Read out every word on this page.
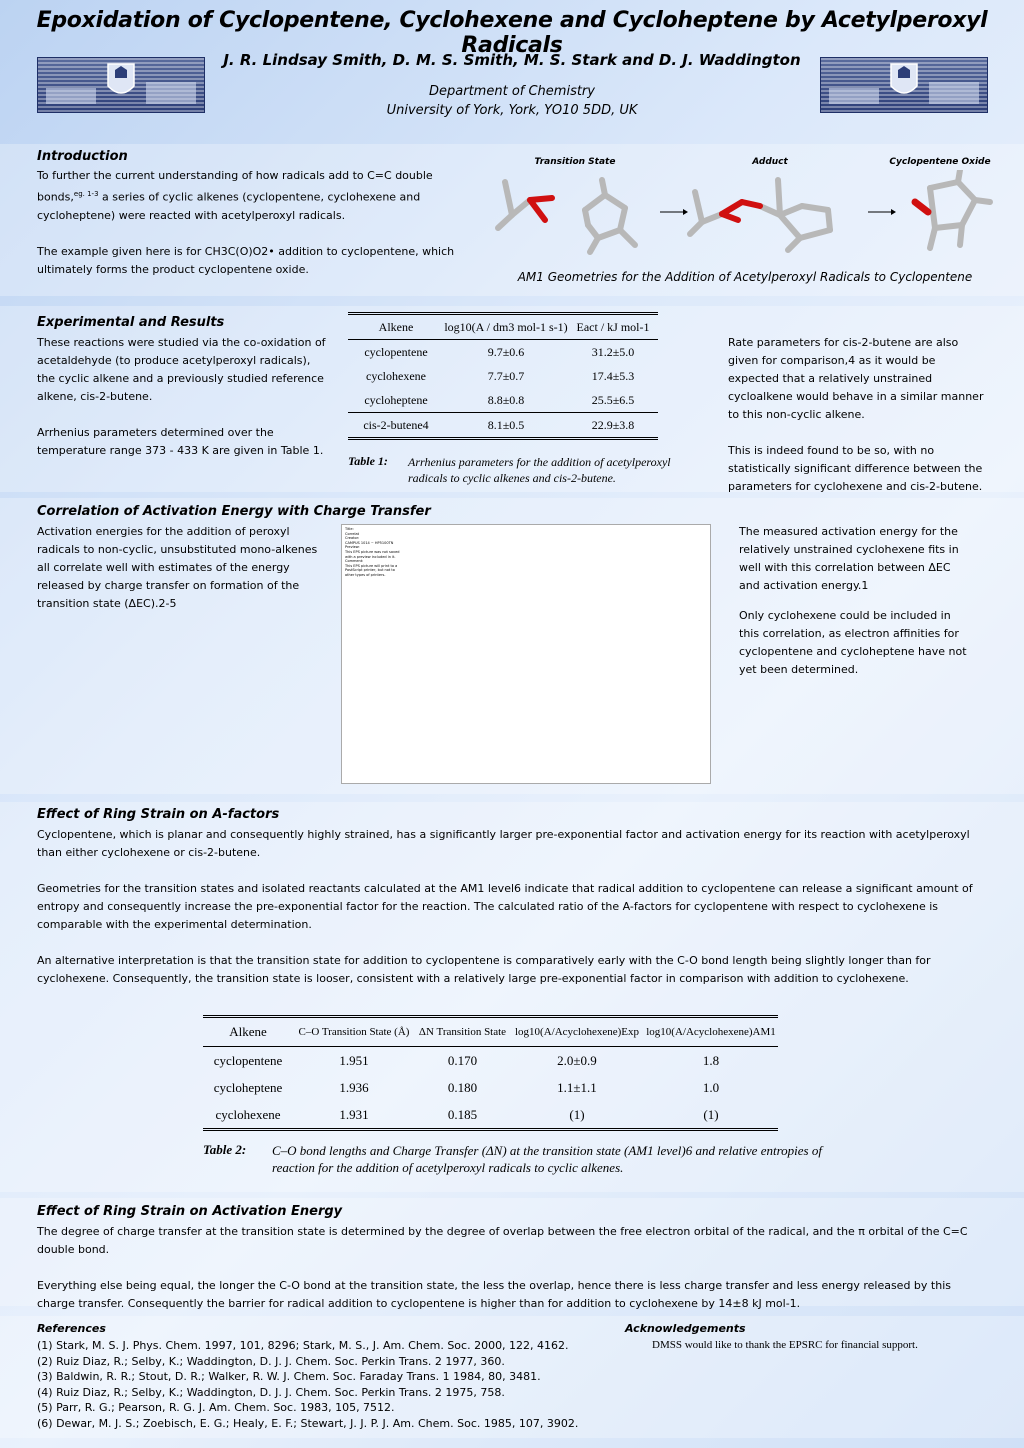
Epoxidation of Cyclopentene, Cyclohexene and Cycloheptene by Acetylperoxyl Radicals
J. R. Lindsay Smith, D. M. S. Smith, M. S. Stark and D. J. Waddington
Department of Chemistry
University of York, York, YO10 5DD, UK
Introduction

To further the current understanding of how radicals add to C=C double bonds,$^{eg. 1-3}$ a series of cyclic alkenes (cyclopentene, cyclohexene and cycloheptene) were reacted with acetylperoxyl radicals.

The example given here is for CH3C(O)O2• addition to cyclopentene, which ultimately forms the product cyclopentene oxide.

Transition State	Adduct	Cyclopentene Oxide
AM1 Geometries for the Addition of Acetylperoxyl Radicals to Cyclopentene
Experimental and Results

These reactions were studied via the co-oxidation of acetaldehyde (to produce acetylperoxyl radicals), the cyclic alkene and a previously studied reference alkene, cis-2-butene.

Arrhenius parameters determined over the temperature range 373 - 433 K are given in Table 1.

Alkene	log10(A / dm3 mol-1 s-1)	Eact / kJ mol-1
cyclopentene	9.7±0.6	31.2±5.0
cyclohexene	7.7±0.7	17.4±5.3
cycloheptene	8.8±0.8	25.5±6.5
cis-2-butene4	8.1±0.5	22.9±3.8
Table 1: Arrhenius parameters for the addition of acetylperoxyl radicals to cyclic alkenes and cis-2-butene.

Rate parameters for cis-2-butene are also given for comparison,4 as it would be expected that a relatively unstrained cycloalkene would behave in a similar manner to this non-cyclic alkene.

This is indeed found to be so, with no statistically significant difference between the parameters for cyclohexene and cis-2-butene.

Correlation of Activation Energy with Charge Transfer
Activation energies for the addition of peroxyl radicals to non-cyclic, unsubstituted mono-alkenes all correlate well with estimates of the energy released by charge transfer on formation of the transition state (ΔEC).2-5
Title:
Correlat
Creator:
CAMPUS 1014 ~ HP5100TN
Preview:
This EPS picture was not saved
with a preview included in it.
Comment:
This EPS picture will print to a
PostScript printer, but not to
other types of printers.

The measured activation energy for the relatively unstrained cyclohexene fits in well with this correlation between ΔEC and activation energy.1

Only cyclohexene could be included in this correlation, as electron affinities for cyclopentene and cycloheptene have not yet been determined.

Effect of Ring Strain on A-factors

Cyclopentene, which is planar and consequently highly strained, has a significantly larger pre-exponential factor and activation energy for its reaction with acetylperoxyl than either cyclohexene or cis-2-butene.

Geometries for the transition states and isolated reactants calculated at the AM1 level6 indicate that radical addition to cyclopentene can release a significant amount of entropy and consequently increase the pre-exponential factor for the reaction. The calculated ratio of the A-factors for cyclopentene with respect to cyclohexene is comparable with the experimental determination.

An alternative interpretation is that the transition state for addition to cyclopentene is comparatively early with the C-O bond length being slightly longer than for cyclohexene. Consequently, the transition state is looser, consistent with a relatively large pre-exponential factor in comparison with addition to cyclohexene.

Alkene	C–O Transition State (Å)	ΔN Transition State	log10(A/Acyclohexene)Exp	log10(A/Acyclohexene)AM1
cyclopentene	1.951	0.170	2.0±0.9	1.8
cycloheptene	1.936	0.180	1.1±1.1	1.0
cyclohexene	1.931	0.185	(1)	(1)
Table 2: C–O bond lengths and Charge Transfer (ΔN) at the transition state (AM1 level)6 and relative entropies of reaction for the addition of acetylperoxyl radicals to cyclic alkenes.
Effect of Ring Strain on Activation Energy

The degree of charge transfer at the transition state is determined by the degree of overlap between the free electron orbital of the radical, and the π orbital of the C=C double bond.

Everything else being equal, the longer the C-O bond at the transition state, the less the overlap, hence there is less charge transfer and less energy released by this charge transfer. Consequently the barrier for radical addition to cyclopentene is higher than for addition to cyclohexene by 14±8 kJ mol-1.

References
(1) Stark, M. S. J. Phys. Chem. 1997, 101, 8296; Stark, M. S., J. Am. Chem. Soc. 2000, 122, 4162.
(2) Ruiz Diaz, R.; Selby, K.; Waddington, D. J. J. Chem. Soc. Perkin Trans. 2 1977, 360.
(3) Baldwin, R. R.; Stout, D. R.; Walker, R. W. J. Chem. Soc. Faraday Trans. 1 1984, 80, 3481.
(4) Ruiz Diaz, R.; Selby, K.; Waddington, D. J. J. Chem. Soc. Perkin Trans. 2 1975, 758.
(5) Parr, R. G.; Pearson, R. G. J. Am. Chem. Soc. 1983, 105, 7512.
(6) Dewar, M. J. S.; Zoebisch, E. G.; Healy, E. F.; Stewart, J. J. P. J. Am. Chem. Soc. 1985, 107, 3902.
Acknowledgements
DMSS would like to thank the EPSRC for financial support.
